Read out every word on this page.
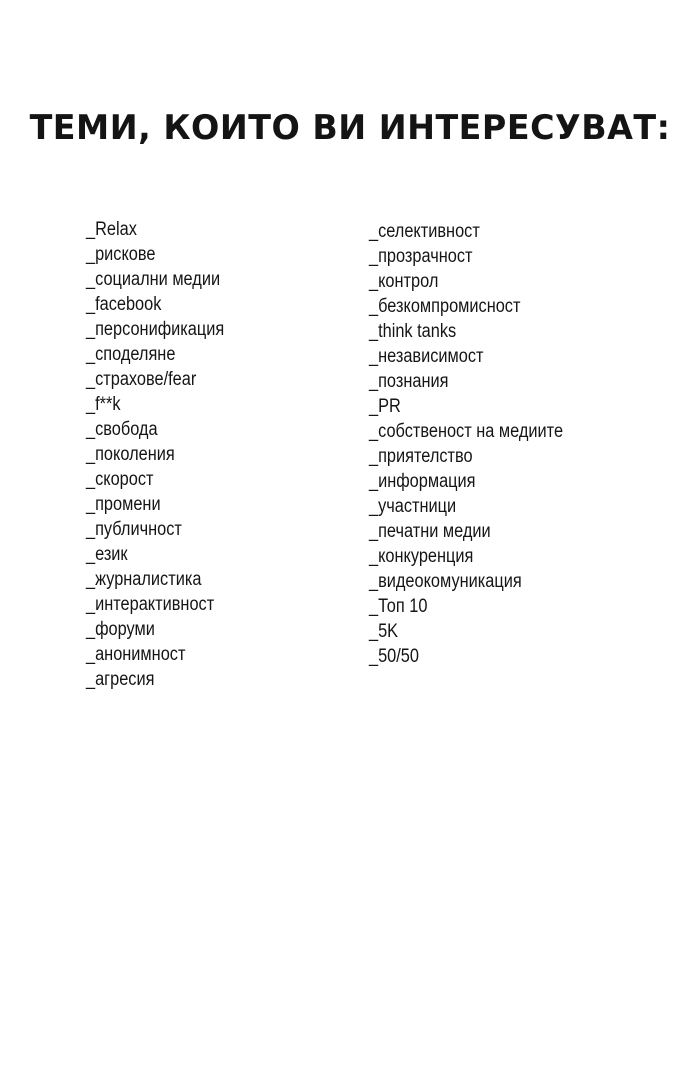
ТЕМИ, КОИТО ВИ ИНТЕРЕСУВАТ:
_Relax
_рискове
_социални медии
_facebook
_персонификация
_споделяне
_страхове/fear
_f**k
_свобода
_поколения
_скорост
_промени
_публичност
_език
_журналистика
_интерактивност
_форуми
_анонимност
_агресия
_селективност
_прозрачност
_контрол
_безкомпромисност
_think tanks
_независимост
_познания
_PR
_собственост на медиите
_приятелство
_информация
_участници
_печатни медии
_конкуренция
_видеокомуникация
_Топ 10
_5K
_50/50
